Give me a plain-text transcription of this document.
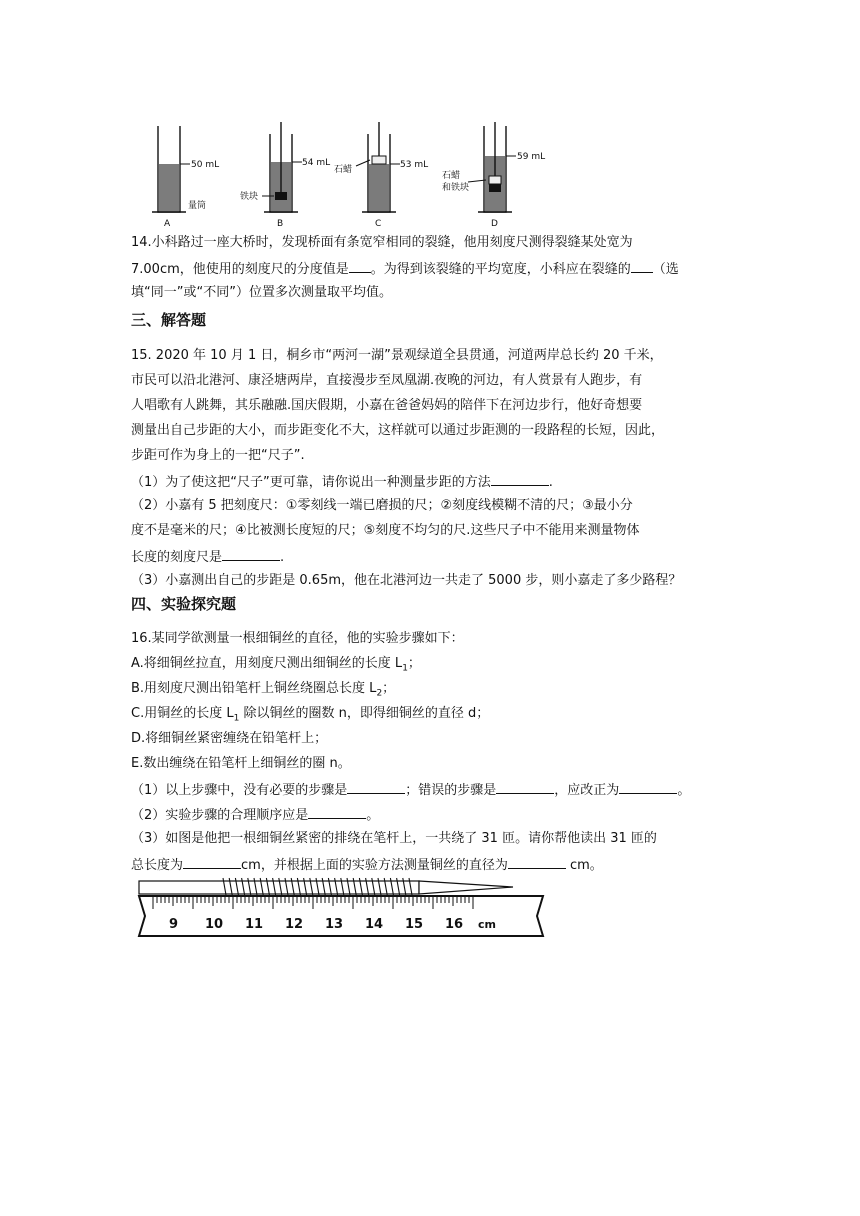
50 mL
量筒
A
54 mL
铁块
B
53 mL
石蜡
C
59 mL
石蜡
和铁块
D
14.小科路过一座大桥时，发现桥面有条宽窄相同的裂缝，他用刻度尺测得裂缝某处宽为
7.00cm，他使用的刻度尺的分度值是 。为得到该裂缝的平均宽度，小科应在裂缝的 （选
填“同一”或“不同”）位置多次测量取平均值。
三、解答题
15. 2020 年 10 月 1 日，桐乡市“两河一湖”景观绿道全县贯通，河道两岸总长约 20 千米，
市民可以沿北港河、康泾塘两岸，直接漫步至凤凰湖.夜晚的河边，有人赏景有人跑步，有
人唱歌有人跳舞，其乐融融.国庆假期，小嘉在爸爸妈妈的陪伴下在河边步行，他好奇想要
测量出自己步距的大小，而步距变化不大，这样就可以通过步距测的一段路程的长短，因此，
步距可作为身上的一把“尺子”.
（1）为了使这把“尺子”更可靠，请你说出一种测量步距的方法	.
（2）小嘉有 5 把刻度尺：①零刻线一端已磨损的尺；②刻度线模糊不清的尺；③最小分
度不是毫米的尺；④比被测长度短的尺；⑤刻度不均匀的尺.这些尺子中不能用来测量物体
长度的刻度尺是	.
（3）小嘉测出自己的步距是 0.65m，他在北港河边一共走了 5000 步，则小嘉走了多少路程？
四、实验探究题
16.某同学欲测量一根细铜丝的直径，他的实验步骤如下：
A.将细铜丝拉直，用刻度尺测出细铜丝的长度 $L_1$；
B.用刻度尺测出铅笔杆上铜丝绕圈总长度 $L_2$；
C.用铜丝的长度 $L_1$ 除以铜丝的圈数 n，即得细铜丝的直径 d；
D.将细铜丝紧密缠绕在铅笔杆上；
E.数出缠绕在铅笔杆上细铜丝的圈 n。
（1）以上步骤中，没有必要的步骤是	；错误的步骤是	，应改正为	。
（2）实验步骤的合理顺序应是	。
（3）如图是他把一根细铜丝紧密的排绕在笔杆上，一共绕了 31 匝。请你帮他读出 31 匝的
总长度为	cm，并根据上面的实验方法测量铜丝的直径为	cm。
9 10 11 12 13 14 15 16 cm
